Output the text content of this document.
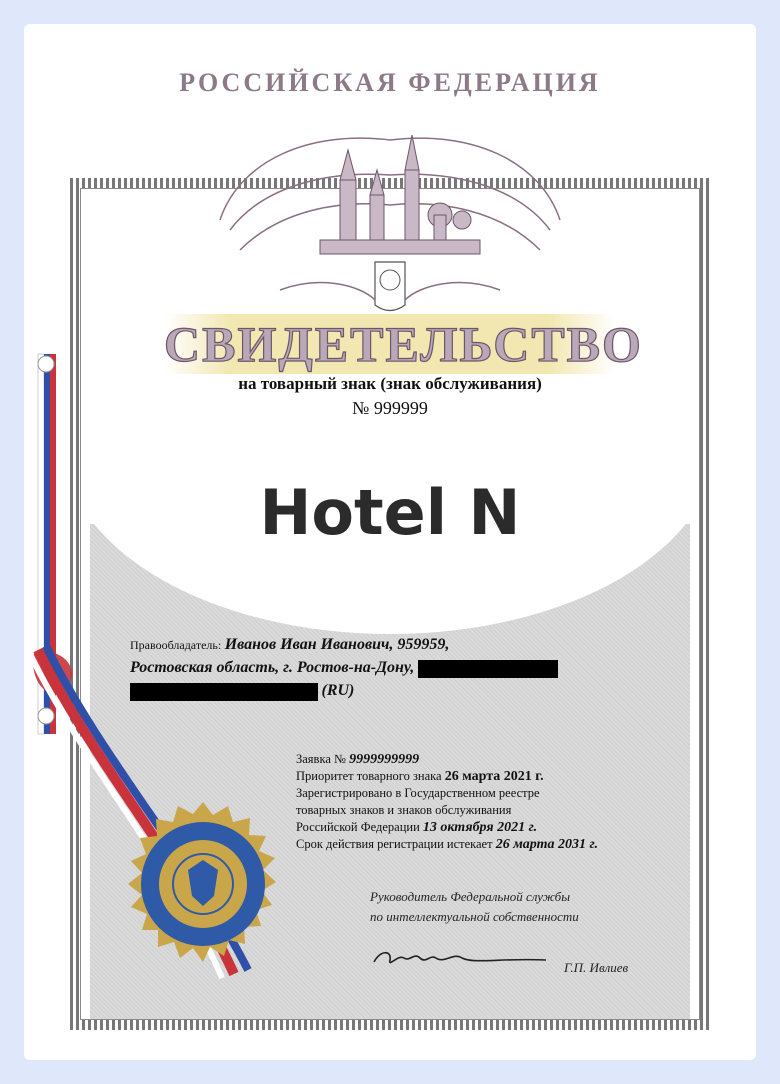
РОССИЙСКАЯ ФЕДЕРАЦИЯ
СВИДЕТЕЛЬСТВО
на товарный знак (знак обслуживания)
№ 999999
Hotel N
Правообладатель: Иванов Иван Иванович, 959959,
Ростовская область, г. Ростов-на-Дону,
(RU)
Заявка № 9999999999
Приоритет товарного знака 26 марта 2021 г.
Зарегистрировано в Государственном реестре
товарных знаков и знаков обслуживания
Российской Федерации 13 октября 2021 г.
Срок действия регистрации истекает 26 марта 2031 г.
Руководитель Федеральной службы
по интеллектуальной собственности
Г.П. Ивлиев
